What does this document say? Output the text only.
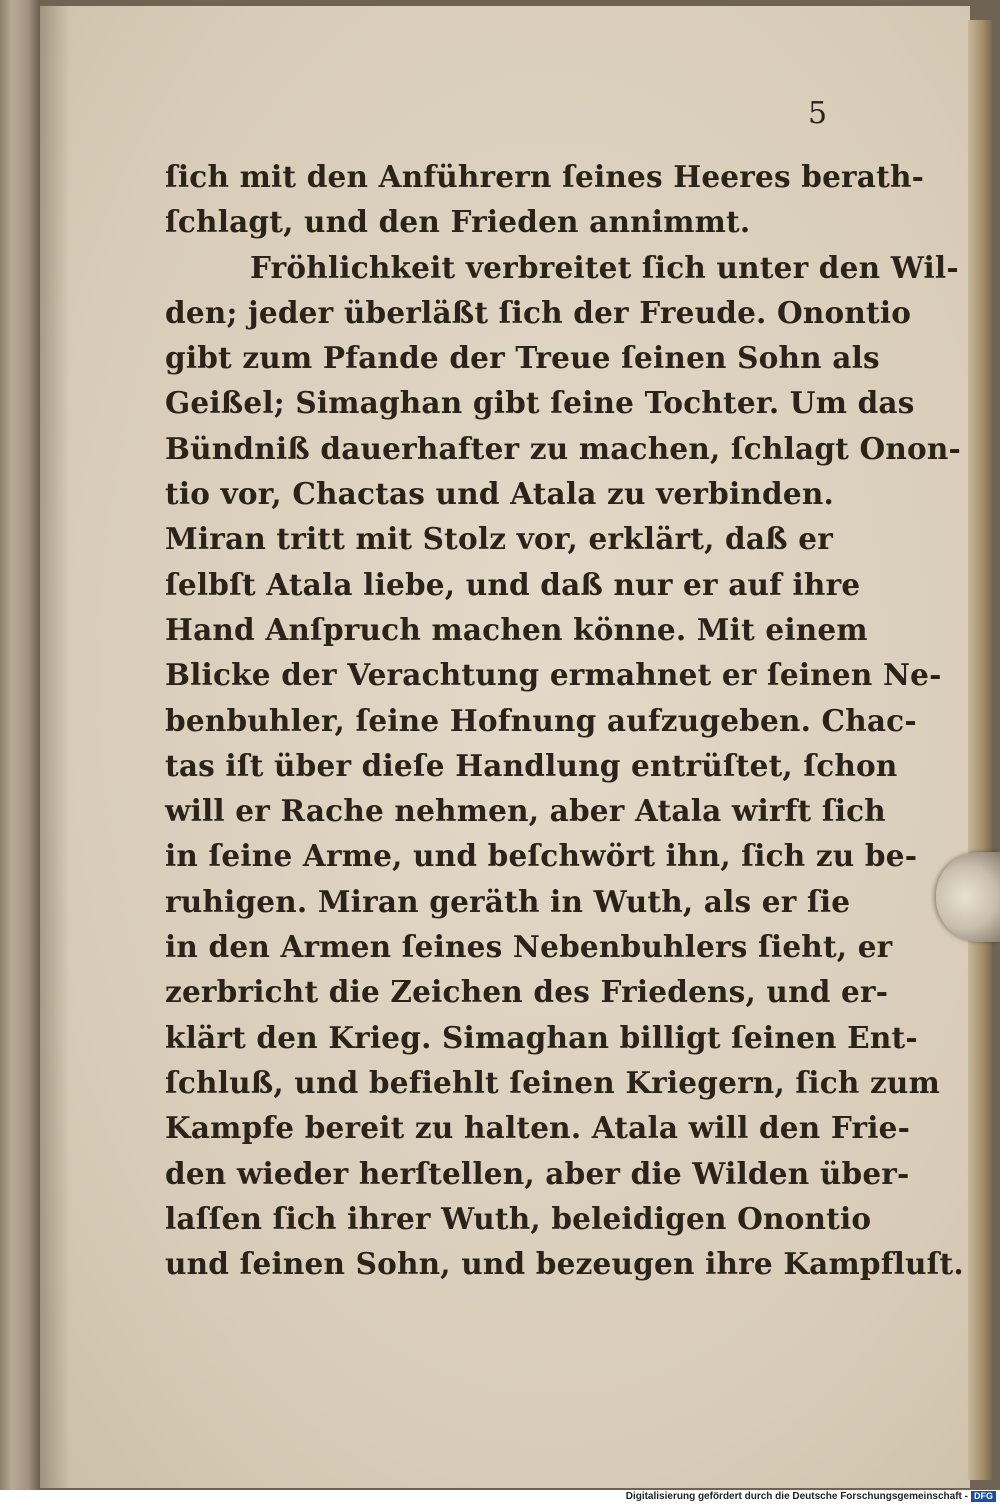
5
ſich mit den Anführern ſeines Heeres berath-
ſchlagt, und den Frieden annimmt.
Fröhlichkeit verbreitet ſich unter den Wil-
den; jeder überläßt ſich der Freude. Onontio
gibt zum Pfande der Treue ſeinen Sohn als
Geißel; Simaghan gibt ſeine Tochter. Um das
Bündniß dauerhafter zu machen, ſchlagt Onon-
tio vor, Chactas und Atala zu verbinden.
Miran tritt mit Stolz vor, erklärt, daß er
ſelbſt Atala liebe, und daß nur er auf ihre
Hand Anſpruch machen könne. Mit einem
Blicke der Verachtung ermahnet er ſeinen Ne-
benbuhler, ſeine Hofnung aufzugeben. Chac-
tas iſt über dieſe Handlung entrüſtet, ſchon
will er Rache nehmen, aber Atala wirft ſich
in ſeine Arme, und beſchwört ihn, ſich zu be-
ruhigen. Miran geräth in Wuth, als er ſie
in den Armen ſeines Nebenbuhlers ſieht, er
zerbricht die Zeichen des Friedens, und er-
klärt den Krieg. Simaghan billigt ſeinen Ent-
ſchluß, und befiehlt ſeinen Kriegern, ſich zum
Kampfe bereit zu halten. Atala will den Frie-
den wieder herſtellen, aber die Wilden über-
laſſen ſich ihrer Wuth, beleidigen Onontio
und ſeinen Sohn, und bezeugen ihre Kampfluſt.
Digitalisierung gefördert durch die Deutsche Forschungsgemeinschaft - DFG
